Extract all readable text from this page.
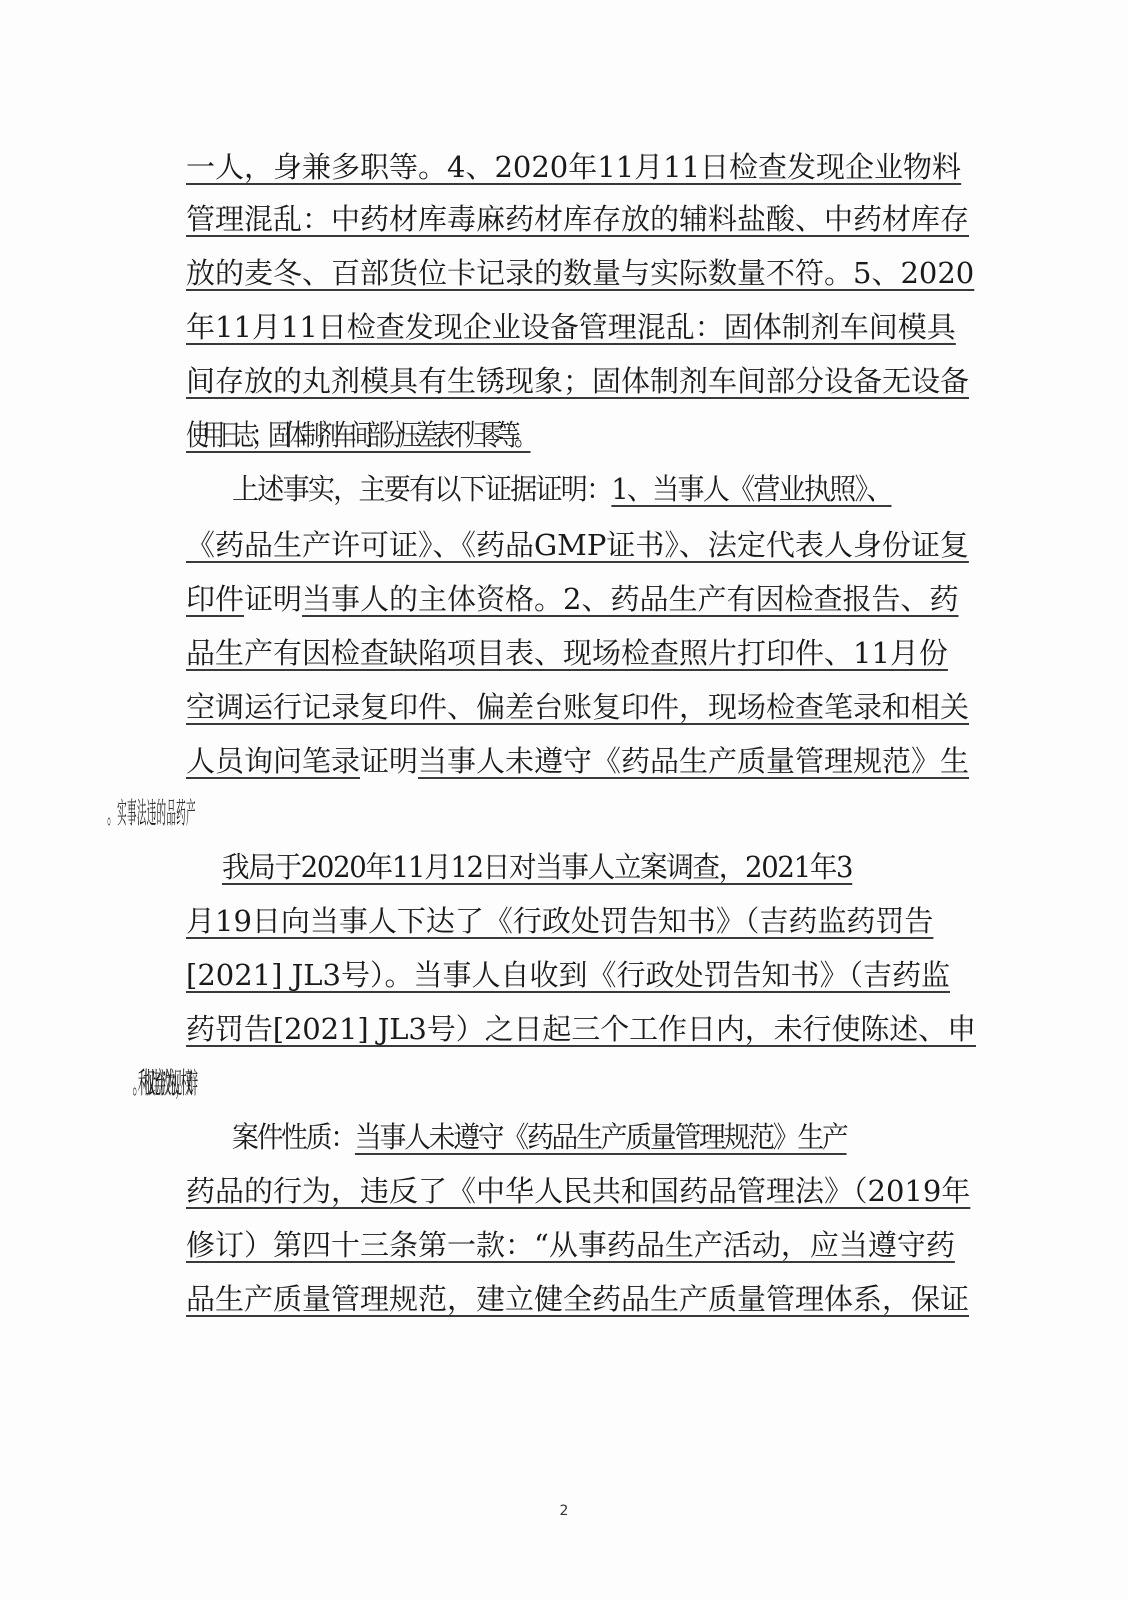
一人，身兼多职等。4、2020年11月11日检查发现企业物料
管理混乱：中药材库毒麻药材库存放的辅料盐酸、中药材库存
放的麦冬、百部货位卡记录的数量与实际数量不符。5、2020
年11月11日检查发现企业设备管理混乱：固体制剂车间模具
间存放的丸剂模具有生锈现象；固体制剂车间部分设备无设备
使用日志；固体制剂车间部分压差表不归零等。
上述事实，主要有以下证据证明：1、当事人《营业执照》、
《药品生产许可证》、《药品GMP证书》、法定代表人身份证复
印件证明当事人的主体资格。2、药品生产有因检查报告、药
品生产有因检查缺陷项目表、现场检查照片打印件、11月份
空调运行记录复印件、偏差台账复印件，现场检查笔录和相关
人员询问笔录证明当事人未遵守《药品生产质量管理规范》生
我局于2020年11月12日对当事人立案调查，2021年3
月19日向当事人下达了《行政处罚告知书》（吉药监药罚告
[2021] JL3号）。当事人自收到《行政处罚告知书》（吉药监
药罚告[2021] JL3号）之日起三个工作日内，未行使陈述、申
案件性质：当事人未遵守《药品生产质量管理规范》生产
药品的行为，违反了《中华人民共和国药品管理法》（2019年
修订）第四十三条第一款：“从事药品生产活动，应当遵守药
品生产质量管理规范，建立健全药品生产质量管理体系，保证
2
